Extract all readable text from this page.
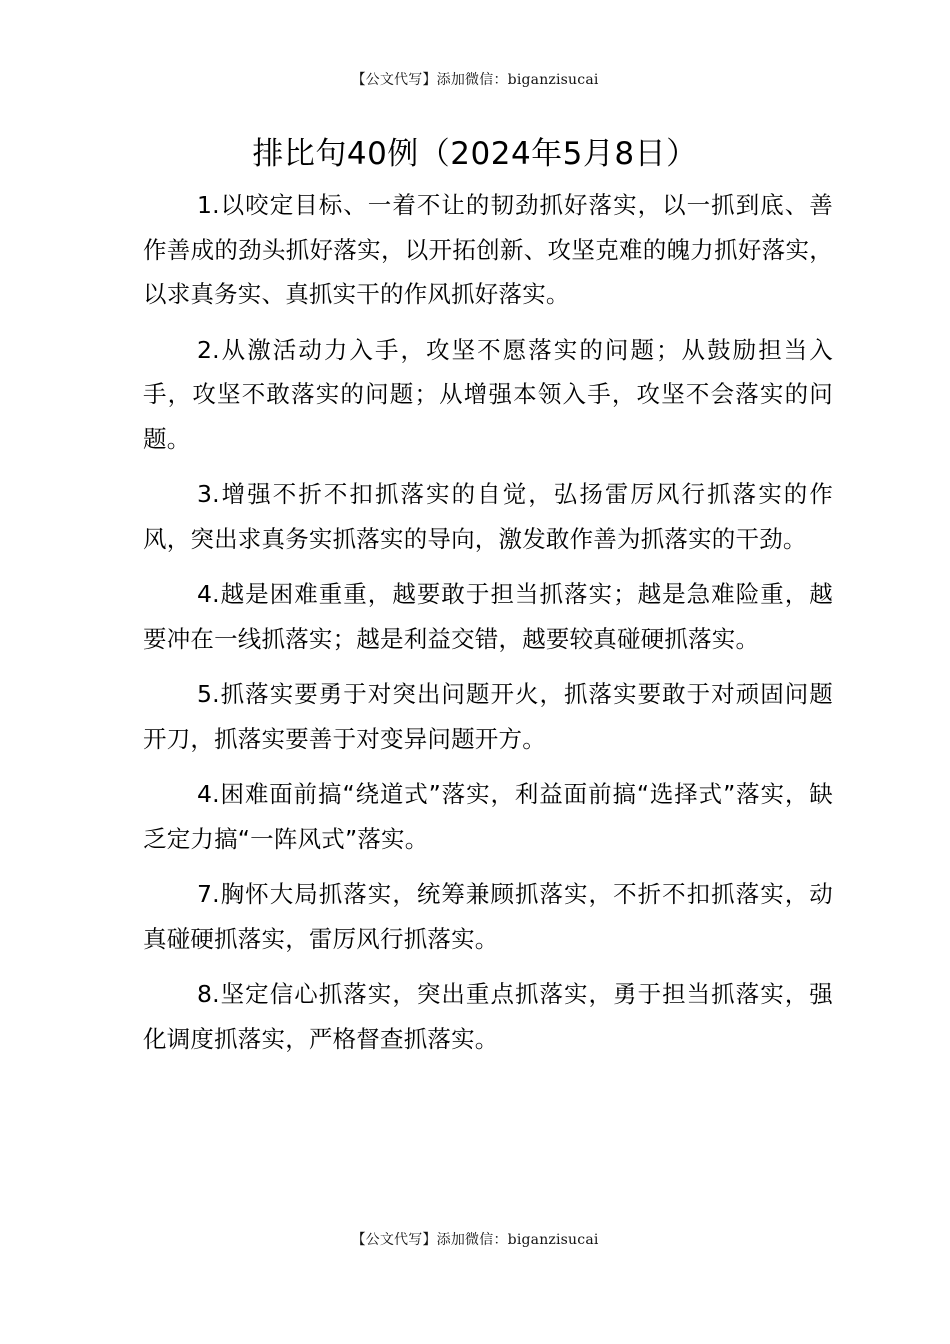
【公文代写】添加微信：biganzisucai
排比句40例（2024年5月8日）

1.以咬定目标、一着不让的韧劲抓好落实，以一抓到底、善作善成的劲头抓好落实，以开拓创新、攻坚克难的魄力抓好落实，以求真务实、真抓实干的作风抓好落实。

2.从激活动力入手，攻坚不愿落实的问题；从鼓励担当入手，攻坚不敢落实的问题；从增强本领入手，攻坚不会落实的问题。

3.增强不折不扣抓落实的自觉，弘扬雷厉风行抓落实的作风，突出求真务实抓落实的导向，激发敢作善为抓落实的干劲。

4.越是困难重重，越要敢于担当抓落实；越是急难险重，越要冲在一线抓落实；越是利益交错，越要较真碰硬抓落实。

5.抓落实要勇于对突出问题开火，抓落实要敢于对顽固问题开刀，抓落实要善于对变异问题开方。

4.困难面前搞“绕道式”落实，利益面前搞“选择式”落实，缺乏定力搞“一阵风式”落实。

7.胸怀大局抓落实，统筹兼顾抓落实，不折不扣抓落实，动真碰硬抓落实，雷厉风行抓落实。

8.坚定信心抓落实，突出重点抓落实，勇于担当抓落实，强化调度抓落实，严格督查抓落实。

【公文代写】添加微信：biganzisucai
